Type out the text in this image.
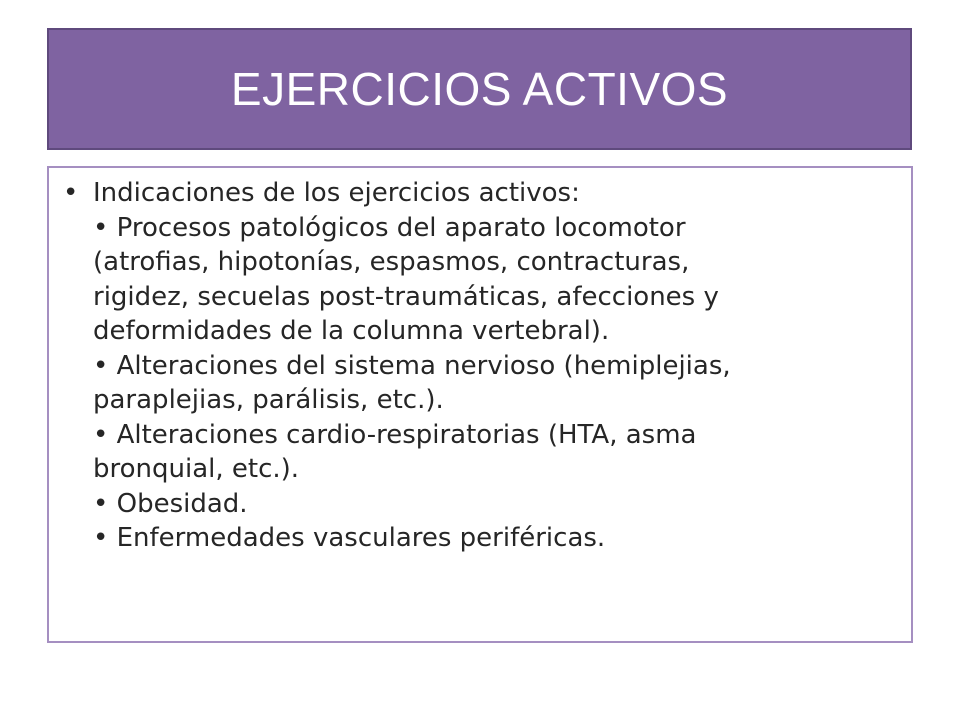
EJERCICIOS ACTIVOS
• Indicaciones de los ejercicios activos:
• Procesos patológicos del aparato locomotor
(atrofias, hipotonías, espasmos, contracturas,
rigidez, secuelas post-traumáticas, afecciones y
deformidades de la columna vertebral).
• Alteraciones del sistema nervioso (hemiplejias,
paraplejias, parálisis, etc.).
• Alteraciones cardio-respiratorias (HTA, asma
bronquial, etc.).
• Obesidad.
• Enfermedades vasculares periféricas.
